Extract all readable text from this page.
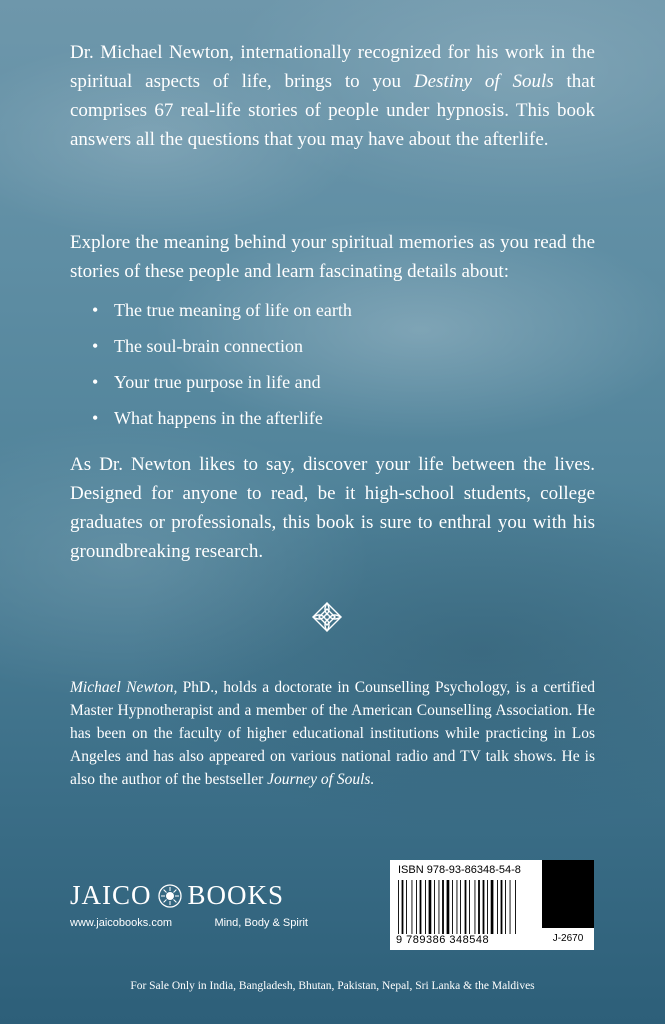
Dr. Michael Newton, internationally recognized for his work in the spiritual aspects of life, brings to you Destiny of Souls that comprises 67 real-life stories of people under hypnosis. This book answers all the questions that you may have about the afterlife.

Explore the meaning behind your spiritual memories as you read the stories of these people and learn fascinating details about:

• The true meaning of life on earth
• The soul-brain connection
• Your true purpose in life and
• What happens in the afterlife

As Dr. Newton likes to say, discover your life between the lives. Designed for anyone to read, be it high-school students, college graduates or professionals, this book is sure to enthral you with his groundbreaking research.

Michael Newton, PhD., holds a doctorate in Counselling Psychology, is a certified Master Hypnotherapist and a member of the American Counselling Association. He has been on the faculty of higher educational institutions while practicing in Los Angeles and has also appeared on various national radio and TV talk shows. He is also the author of the bestseller Journey of Souls.

JAICO BOOKS
www.jaicobooks.com	Mind, Body & Spirit
ISBN 978-93-86348-54-8
9 789386 348548	J-2670
For Sale Only in India, Bangladesh, Bhutan, Pakistan, Nepal, Sri Lanka & the Maldives
